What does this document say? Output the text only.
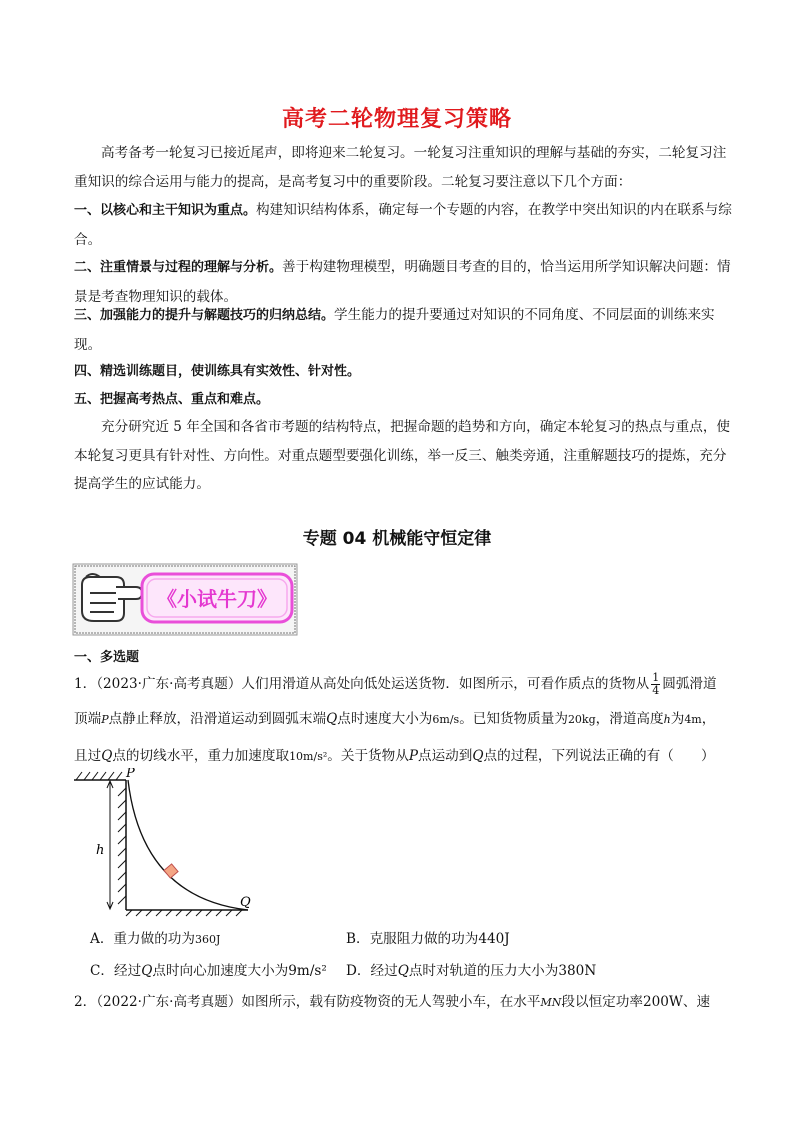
高考二轮物理复习策略
高考备考一轮复习已接近尾声，即将迎来二轮复习。一轮复习注重知识的理解与基础的夯实，二轮复习注重知识的综合运用与能力的提高，是高考复习中的重要阶段。二轮复习要注意以下几个方面：
一、以核心和主干知识为重点。构建知识结构体系，确定每一个专题的内容，在教学中突出知识的内在联系与综合。
二、注重情景与过程的理解与分析。善于构建物理模型，明确题目考查的目的，恰当运用所学知识解决问题：情景是考查物理知识的载体。
三、加强能力的提升与解题技巧的归纳总结。学生能力的提升要通过对知识的不同角度、不同层面的训练来实现。
四、精选训练题目，使训练具有实效性、针对性。
五、把握高考热点、重点和难点。
充分研究近 5 年全国和各省市考题的结构特点，把握命题的趋势和方向，确定本轮复习的热点与重点，使本轮复习更具有针对性、方向性。对重点题型要强化训练，举一反三、触类旁通，注重解题技巧的提炼，充分提高学生的应试能力。
专题 04 机械能守恒定律
《小试牛刀》
一、多选题
1．（2023·广东·高考真题）人们用滑道从高处向低处运送货物．如图所示，可看作质点的货物从 $\frac{1}{4}$ 圆弧滑道
顶端P点静止释放，沿滑道运动到圆弧末端Q点时速度大小为6m/s。已知货物质量为20kg，滑道高度h为4m，
且过Q点的切线水平，重力加速度取10m/s²。关于货物从P点运动到Q点的过程，下列说法正确的有（　　）
P
h
Q
A．重力做的功为360J	B．克服阻力做的功为440J
C．经过Q点时向心加速度大小为9m/s² D．经过Q点时对轨道的压力大小为380N
2．（2022·广东·高考真题）如图所示，载有防疫物资的无人驾驶小车，在水平MN段以恒定功率200W、速
